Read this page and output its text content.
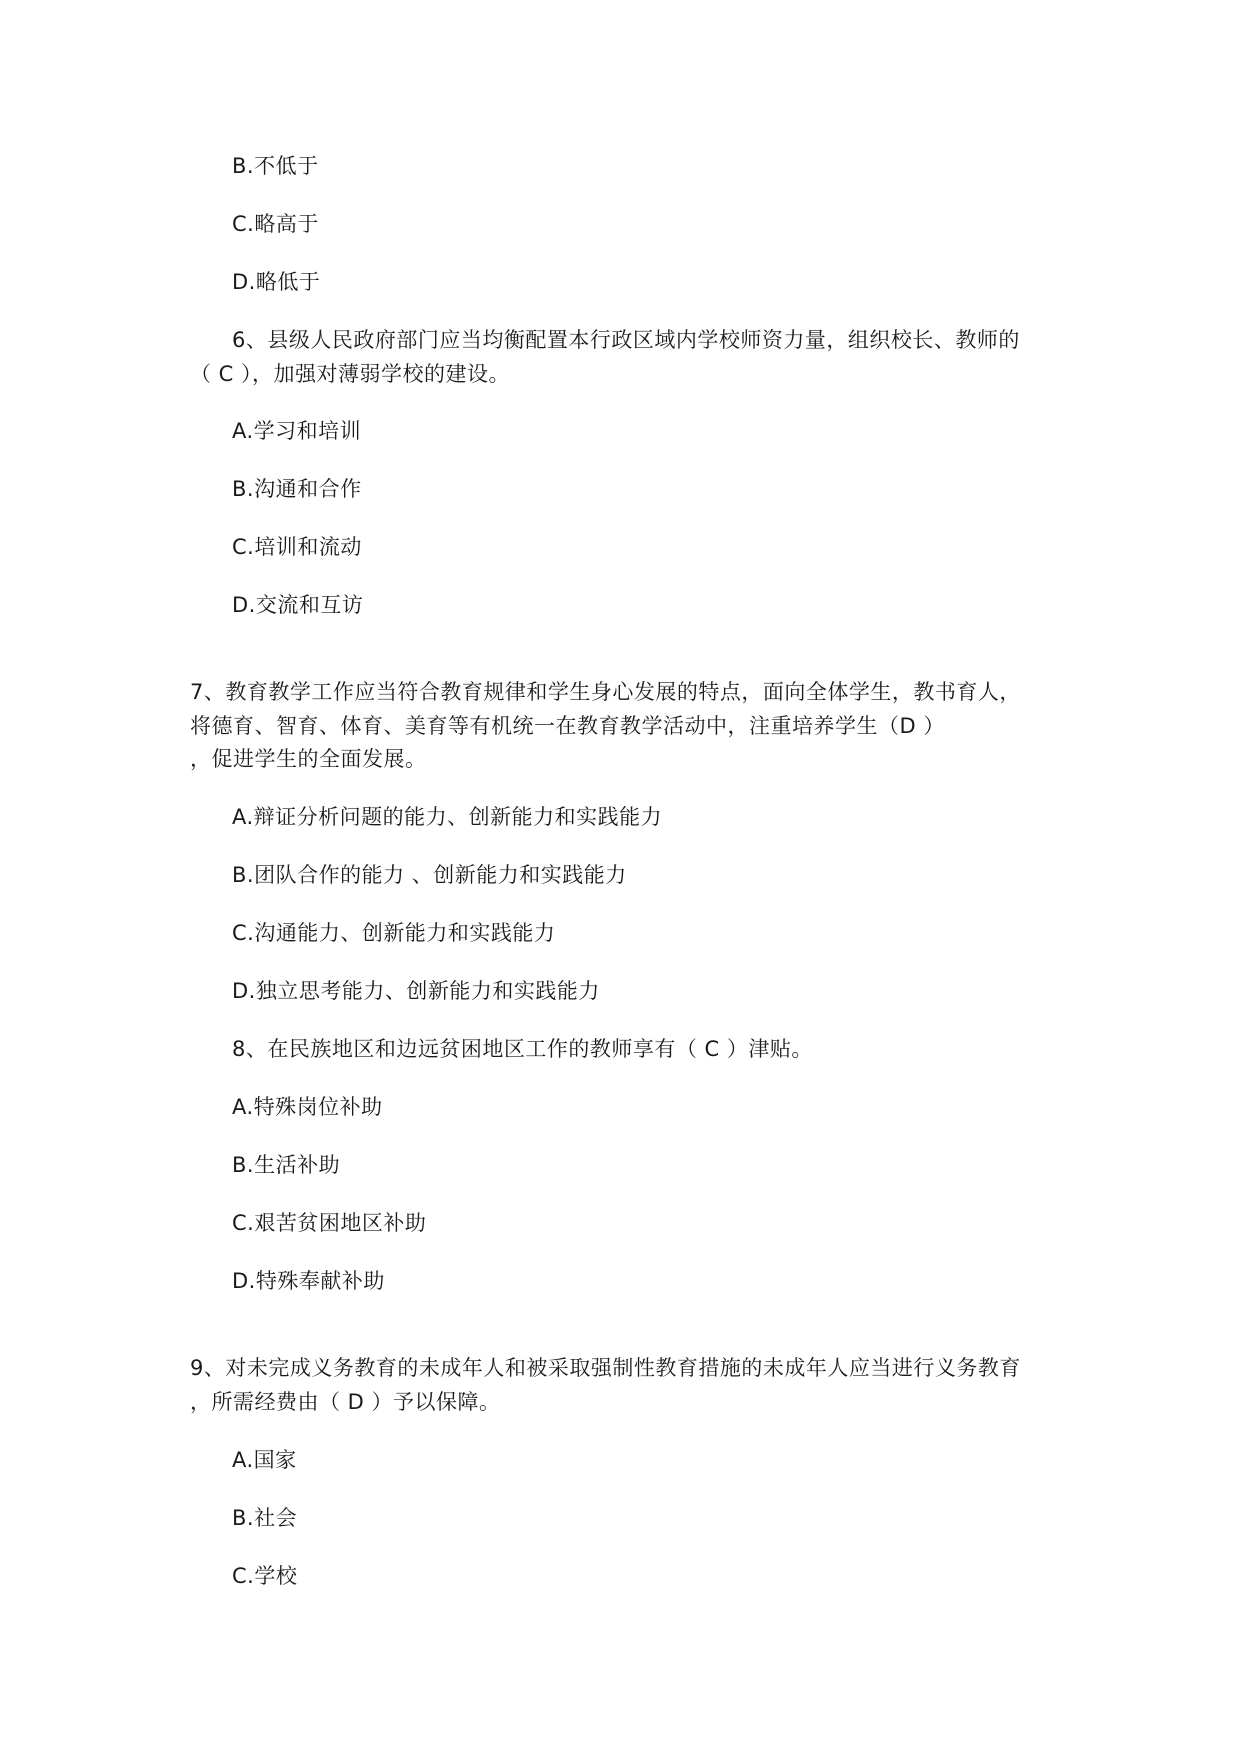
B.不低于
C.略高于
D.略低于
6、县级人民政府部门应当均衡配置本行政区域内学校师资力量，组织校长、教师的
（ C ），加强对薄弱学校的建设。
A.学习和培训
B.沟通和合作
C.培训和流动
D.交流和互访
7、教育教学工作应当符合教育规律和学生身心发展的特点，面向全体学生，教书育人，
将德育、智育、体育、美育等有机统一在教育教学活动中，注重培养学生（D ）
，促进学生的全面发展。
A.辩证分析问题的能力、创新能力和实践能力
B.团队合作的能力 、创新能力和实践能力
C.沟通能力、创新能力和实践能力
D.独立思考能力、创新能力和实践能力
8、在民族地区和边远贫困地区工作的教师享有（ C ）津贴。
A.特殊岗位补助
B.生活补助
C.艰苦贫困地区补助
D.特殊奉献补助
9、对未完成义务教育的未成年人和被采取强制性教育措施的未成年人应当进行义务教育
，所需经费由（ D ）予以保障。
A.国家
B.社会
C.学校
